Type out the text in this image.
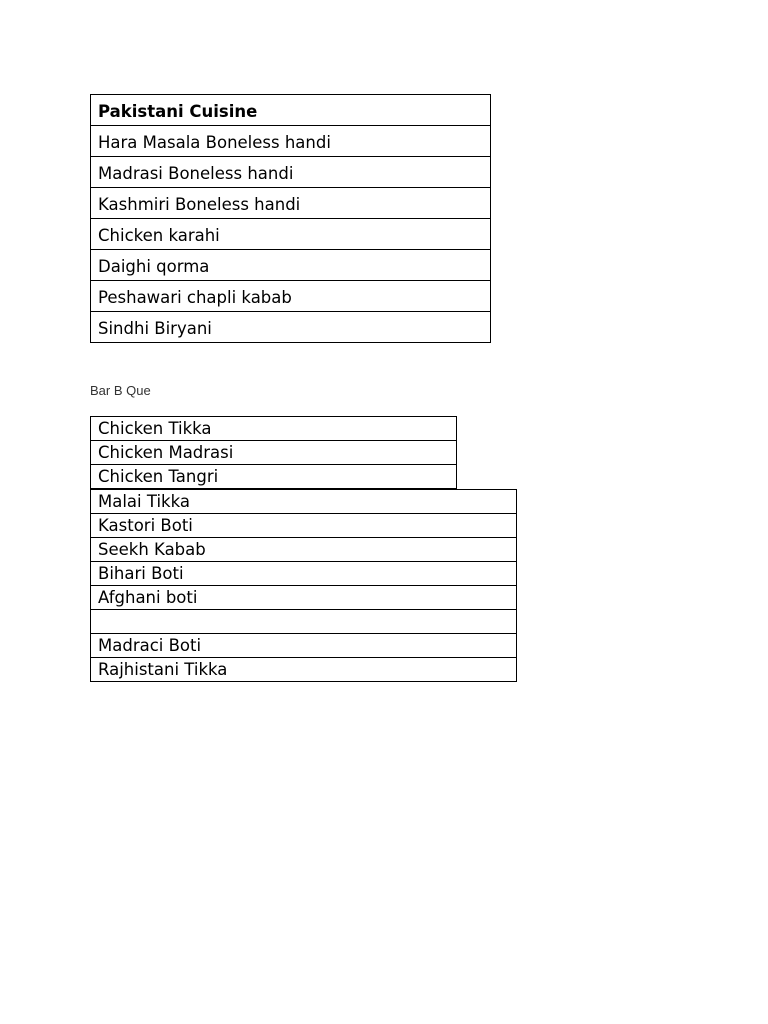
Pakistani Cuisine
Hara Masala Boneless handi
Madrasi Boneless handi
Kashmiri Boneless handi
Chicken karahi
Daighi qorma
Peshawari chapli kabab
Sindhi Biryani
Bar B Que
Chicken Tikka
Chicken Madrasi
Chicken Tangri
Malai Tikka
Kastori Boti
Seekh Kabab
Bihari Boti
Afghani boti

Madraci Boti
Rajhistani Tikka
